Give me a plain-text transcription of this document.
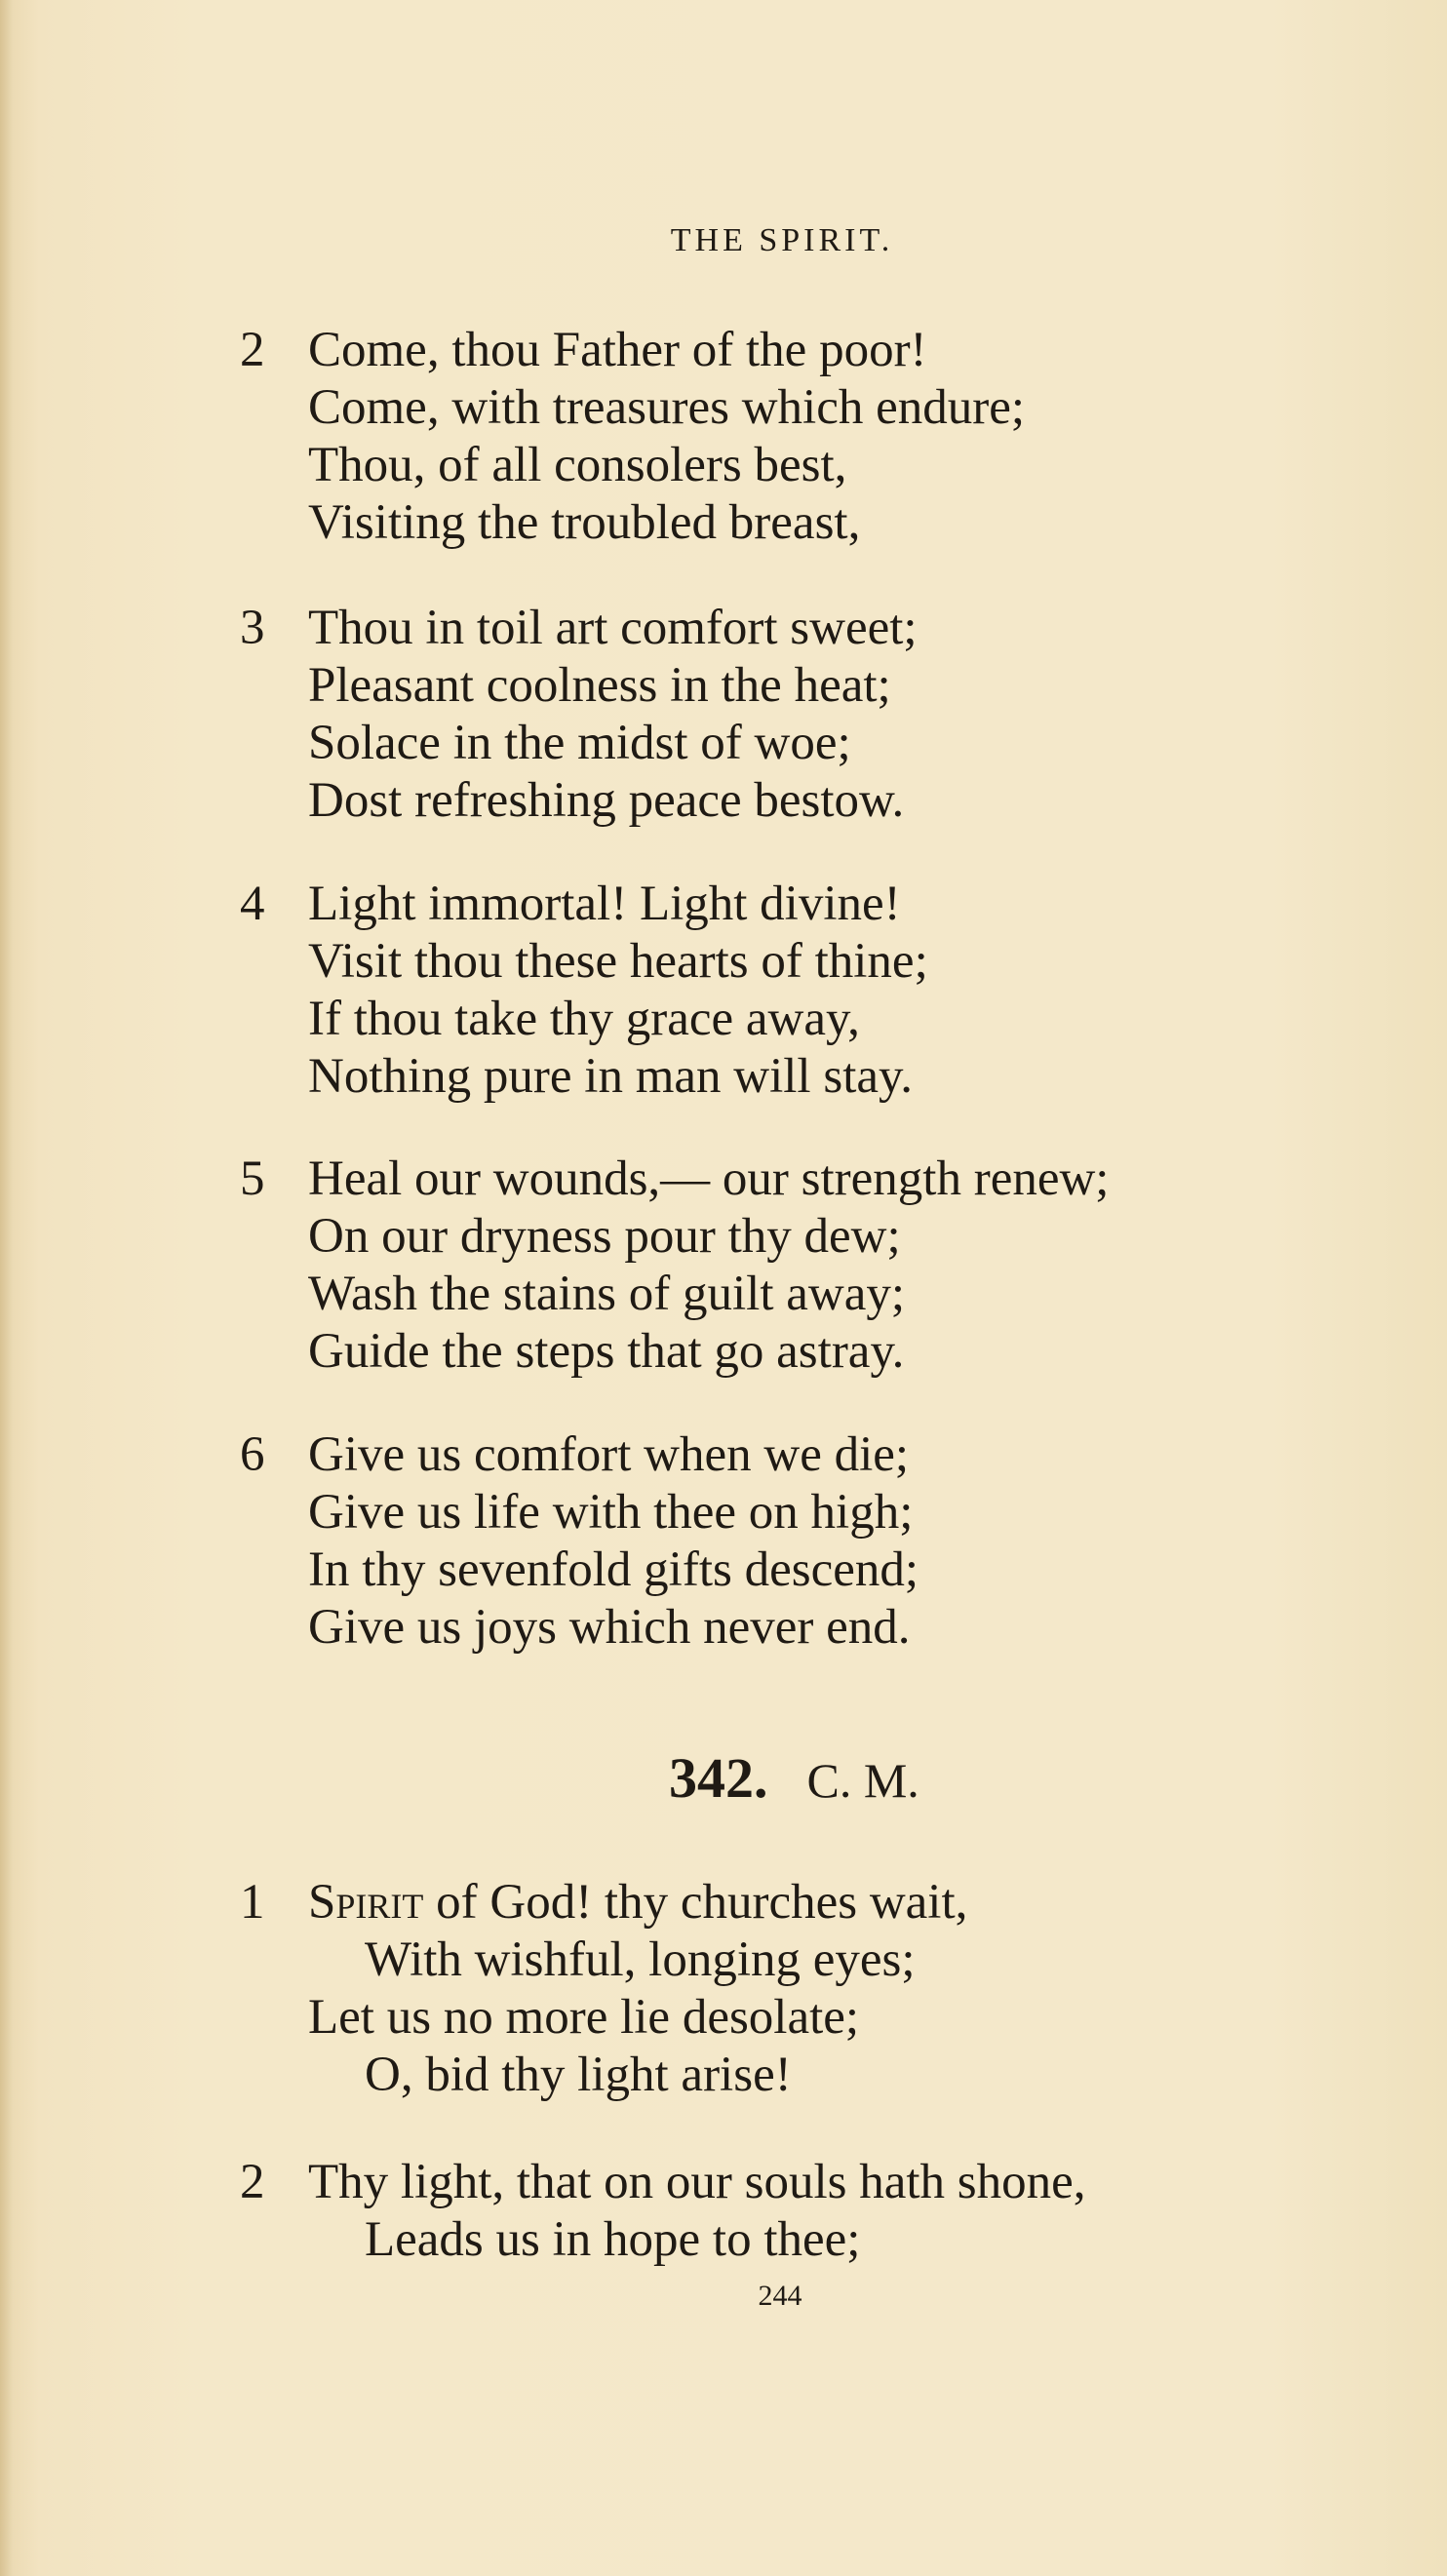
THE SPIRIT.
2 Come, thou Father of the poor!
Come, with treasures which endure;
Thou, of all consolers best,
Visiting the troubled breast,
3 Thou in toil art comfort sweet;
Pleasant coolness in the heat;
Solace in the midst of woe;
Dost refreshing peace bestow.
4 Light immortal! Light divine!
Visit thou these hearts of thine;
If thou take thy grace away,
Nothing pure in man will stay.
5 Heal our wounds,— our strength renew;
On our dryness pour thy dew;
Wash the stains of guilt away;
Guide the steps that go astray.
6 Give us comfort when we die;
Give us life with thee on high;
In thy sevenfold gifts descend;
Give us joys which never end.
342. C. M.
1 Spirit of God! thy churches wait,
With wishful, longing eyes;
Let us no more lie desolate;
O, bid thy light arise!
2 Thy light, that on our souls hath shone,
Leads us in hope to thee;
244
